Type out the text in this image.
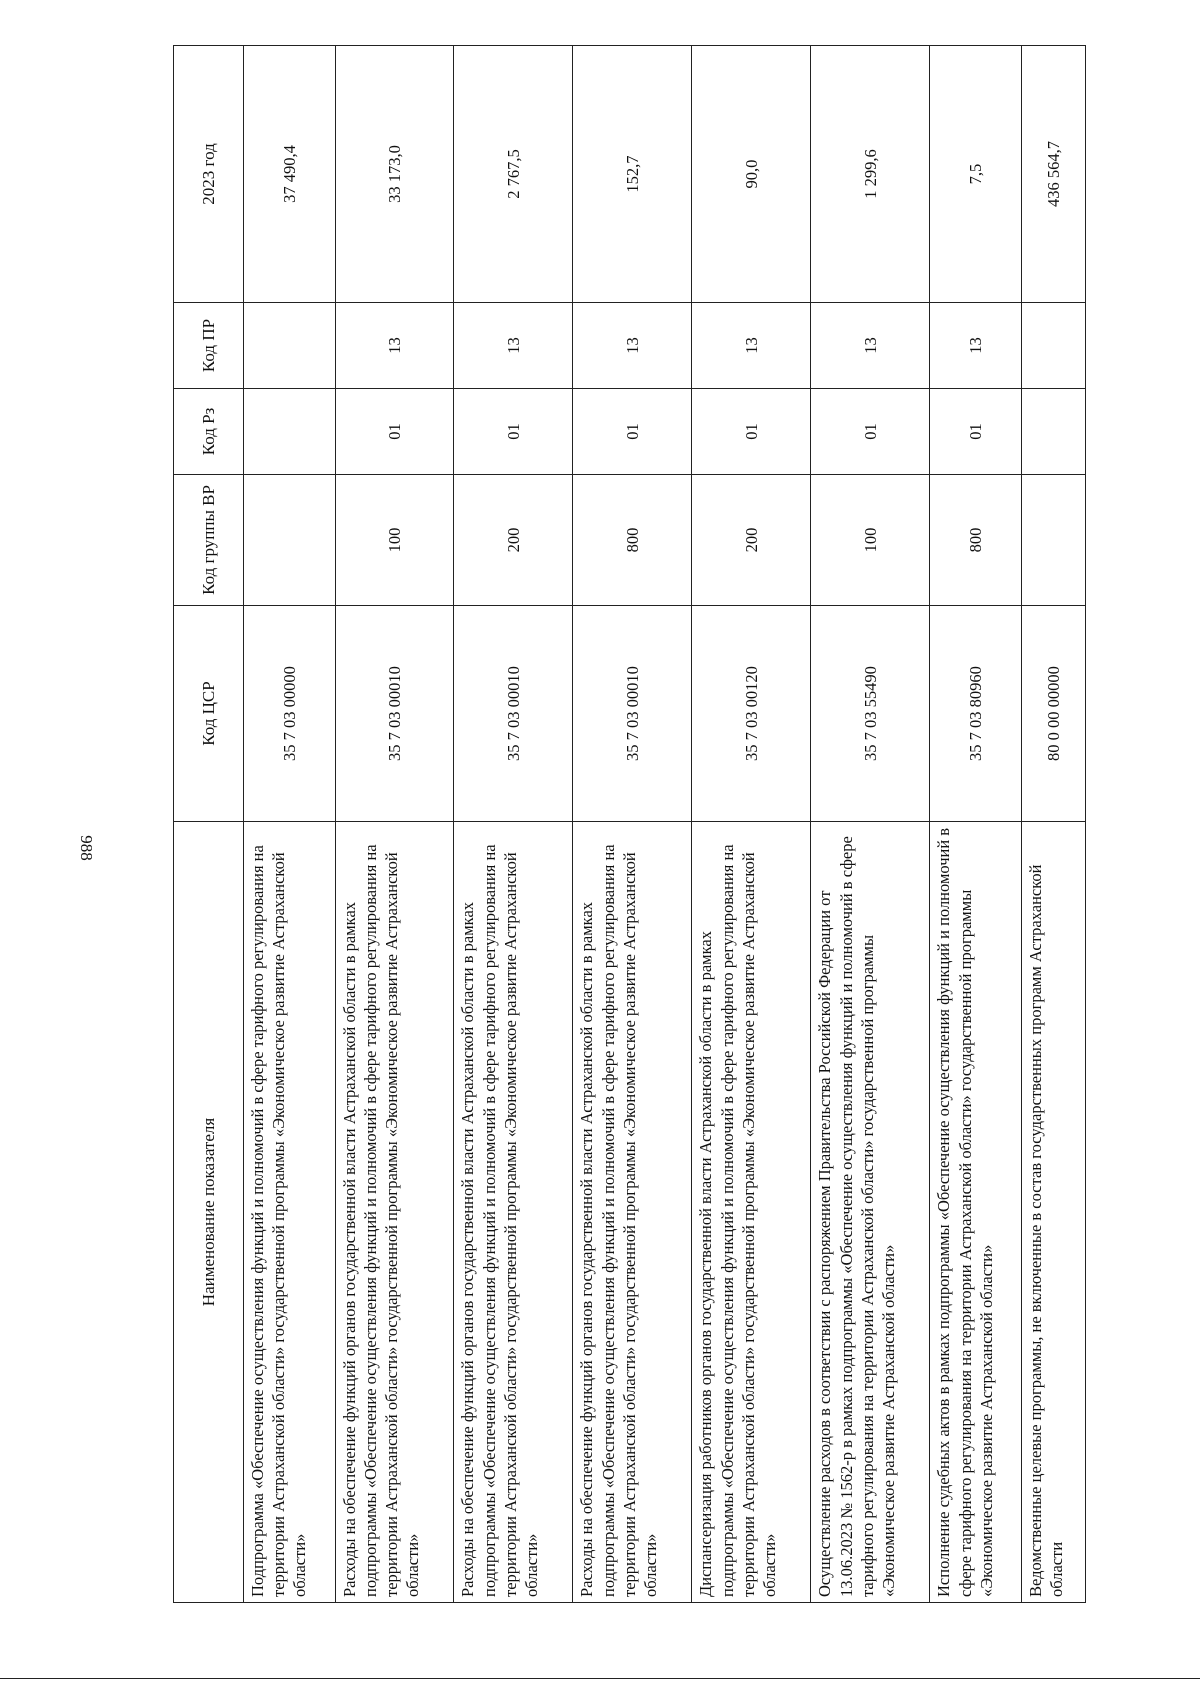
988
Наименование показателя	Код ЦСР	Код группы ВР	Код Рз	Код ПР	2023 год
Подпрограмма «Обеспечение осуществления функций и полномочий в сфере тарифного регулирования на территории Астраханской области» государственной программы «Экономическое развитие Астраханской области»	35 7 03 00000				37 490,4
Расходы на обеспечение функций органов государственной власти Астраханской области в рамках подпрограммы «Обеспечение осуществления функций и полномочий в сфере тарифного регулирования на территории Астраханской области» государственной программы «Экономическое развитие Астраханской области»	35 7 03 00010	100	01	13	33 173,0
Расходы на обеспечение функций органов государственной власти Астраханской области в рамках подпрограммы «Обеспечение осуществления функций и полномочий в сфере тарифного регулирования на территории Астраханской области» государственной программы «Экономическое развитие Астраханской области»	35 7 03 00010	200	01	13	2 767,5
Расходы на обеспечение функций органов государственной власти Астраханской области в рамках подпрограммы «Обеспечение осуществления функций и полномочий в сфере тарифного регулирования на территории Астраханской области» государственной программы «Экономическое развитие Астраханской области»	35 7 03 00010	800	01	13	152,7
Диспансеризация работников органов государственной власти Астраханской области в рамках подпрограммы «Обеспечение осуществления функций и полномочий в сфере тарифного регулирования на территории Астраханской области» государственной программы «Экономическое развитие Астраханской области»	35 7 03 00120	200	01	13	90,0
Осуществление расходов в соответствии с распоряжением Правительства Российской Федерации от 13.06.2023 № 1562-р в рамках подпрограммы «Обеспечение осуществления функций и полномочий в сфере тарифного регулирования на территории Астраханской области» государственной программы «Экономическое развитие Астраханской области»	35 7 03 55490	100	01	13	1 299,6
Исполнение судебных актов в рамках подпрограммы «Обеспечение осуществления функций и полномочий в сфере тарифного регулирования на территории Астраханской области» государственной программы «Экономическое развитие Астраханской области»	35 7 03 80960	800	01	13	7,5
Ведомственные целевые программы, не включенные в состав государственных программ Астраханской области	80 0 00 00000				436 564,7
